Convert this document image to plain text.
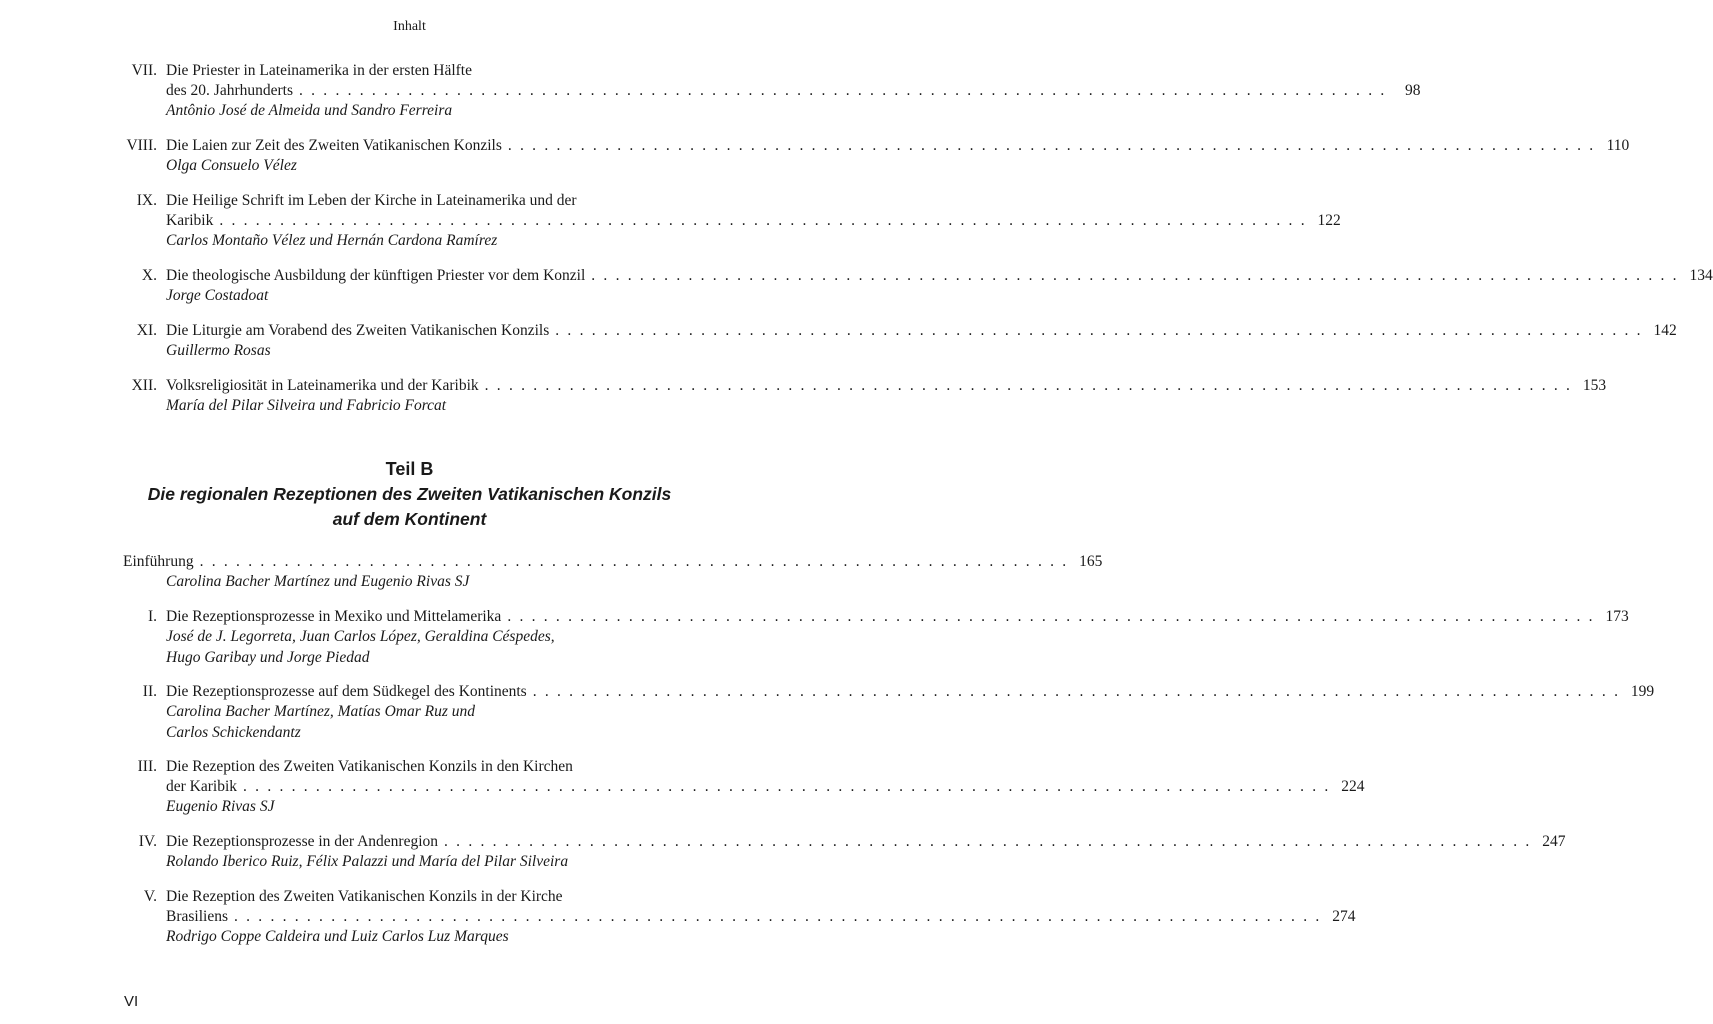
Inhalt
VII. Die Priester in Lateinamerika in der ersten Hälfte
des 20. Jahrhunderts . . . . . . . . . . . . . . . . . . . . . . . . . . . . . . . . . . . . . . . . . . . . . . . . . . . . . . . . . . . . . . . . . . . . . . . . . . . . . . . . . . . . . . . . . .	98
Antônio José de Almeida und Sandro Ferreira
VIII. Die Laien zur Zeit des Zweiten Vatikanischen Konzils . . . . . . . . . . . . . . . . . . . . . . . . . . . . . . . . . . . . . . . . . . . . . . . . . . . . . . . . . . . . . . . . . . . . . . . . . . . . . . . . . . . . . . . . . . 110
Olga Consuelo Vélez
IX. Die Heilige Schrift im Leben der Kirche in Lateinamerika und der
Karibik . . . . . . . . . . . . . . . . . . . . . . . . . . . . . . . . . . . . . . . . . . . . . . . . . . . . . . . . . . . . . . . . . . . . . . . . . . . . . . . . . . . . . . . . . . 122
Carlos Montaño Vélez und Hernán Cardona Ramírez
X. Die theologische Ausbildung der künftigen Priester vor dem Konzil . . . . . . . . . . . . . . . . . . . . . . . . . . . . . . . . . . . . . . . . . . . . . . . . . . . . . . . . . . . . . . . . . . . . . . . . . . . . . . . . . . . . . . . . . . 134
Jorge Costadoat
XI. Die Liturgie am Vorabend des Zweiten Vatikanischen Konzils . . . . . . . . . . . . . . . . . . . . . . . . . . . . . . . . . . . . . . . . . . . . . . . . . . . . . . . . . . . . . . . . . . . . . . . . . . . . . . . . . . . . . . . . . . 142
Guillermo Rosas
XII. Volksreligiosität in Lateinamerika und der Karibik . . . . . . . . . . . . . . . . . . . . . . . . . . . . . . . . . . . . . . . . . . . . . . . . . . . . . . . . . . . . . . . . . . . . . . . . . . . . . . . . . . . . . . . . . . 153
María del Pilar Silveira und Fabricio Forcat
Teil B
Die regionalen Rezeptionen des Zweiten Vatikanischen Konzils
auf dem Kontinent
Einführung . . . . . . . . . . . . . . . . . . . . . . . . . . . . . . . . . . . . . . . . . . . . . . . . . . . . . . . . . . . . . . . . . . . . . . . . 165
Carolina Bacher Martínez und Eugenio Rivas SJ
I. Die Rezeptionsprozesse in Mexiko und Mittelamerika . . . . . . . . . . . . . . . . . . . . . . . . . . . . . . . . . . . . . . . . . . . . . . . . . . . . . . . . . . . . . . . . . . . . . . . . . . . . . . . . . . . . . . . . . . 173
José de J. Legorreta, Juan Carlos López, Geraldina Céspedes,
Hugo Garibay und Jorge Piedad
II. Die Rezeptionsprozesse auf dem Südkegel des Kontinents . . . . . . . . . . . . . . . . . . . . . . . . . . . . . . . . . . . . . . . . . . . . . . . . . . . . . . . . . . . . . . . . . . . . . . . . . . . . . . . . . . . . . . . . . . 199
Carolina Bacher Martínez, Matías Omar Ruz und
Carlos Schickendantz
III. Die Rezeption des Zweiten Vatikanischen Konzils in den Kirchen
der Karibik . . . . . . . . . . . . . . . . . . . . . . . . . . . . . . . . . . . . . . . . . . . . . . . . . . . . . . . . . . . . . . . . . . . . . . . . . . . . . . . . . . . . . . . . . . 224
Eugenio Rivas SJ
IV. Die Rezeptionsprozesse in der Andenregion . . . . . . . . . . . . . . . . . . . . . . . . . . . . . . . . . . . . . . . . . . . . . . . . . . . . . . . . . . . . . . . . . . . . . . . . . . . . . . . . . . . . . . . . . . 247
Rolando Iberico Ruiz, Félix Palazzi und María del Pilar Silveira
V. Die Rezeption des Zweiten Vatikanischen Konzils in der Kirche
Brasiliens . . . . . . . . . . . . . . . . . . . . . . . . . . . . . . . . . . . . . . . . . . . . . . . . . . . . . . . . . . . . . . . . . . . . . . . . . . . . . . . . . . . . . . . . . . 274
Rodrigo Coppe Caldeira und Luiz Carlos Luz Marques
VI
